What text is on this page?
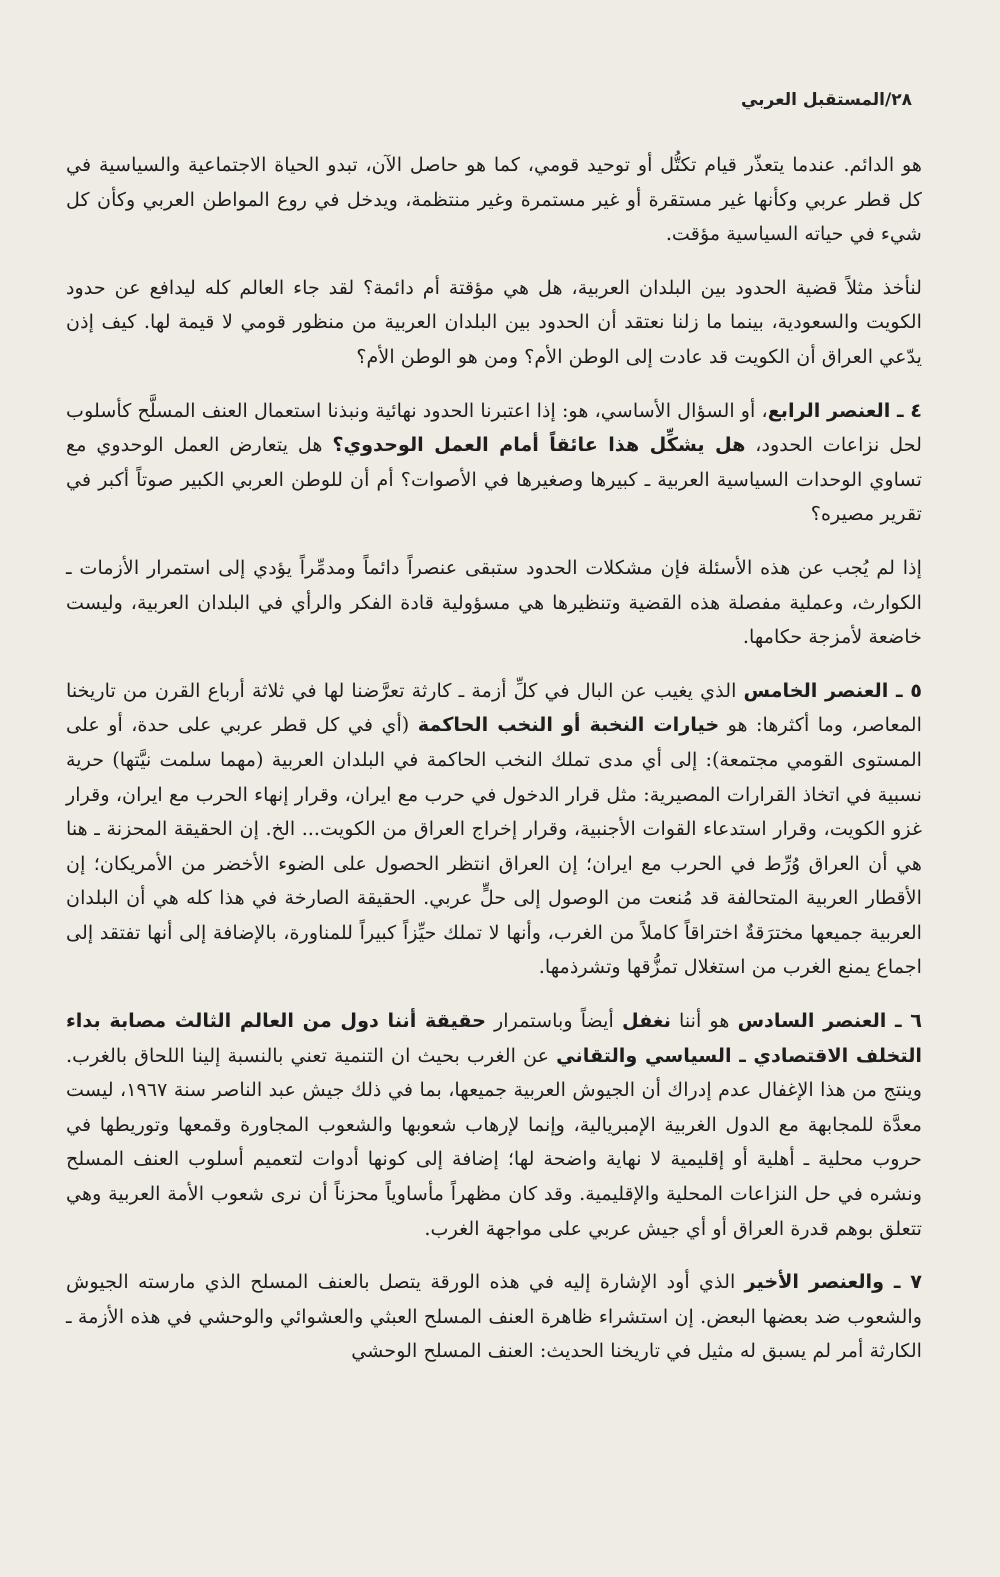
٢٨/المستقبل العربي

هو الدائم. عندما يتعذّر قيام تكتُّل أو توحيد قومي، كما هو حاصل الآن، تبدو الحياة الاجتماعية والسياسية في كل قطر عربي وكأنها غير مستقرة أو غير مستمرة وغير منتظمة، ويدخل في روع المواطن العربي وكأن كل شيء في حياته السياسية مؤقت.

لنأخذ مثلاً قضية الحدود بين البلدان العربية، هل هي مؤقتة أم دائمة؟ لقد جاء العالم كله ليدافع عن حدود الكويت والسعودية، بينما ما زلنا نعتقد أن الحدود بين البلدان العربية من منظور قومي لا قيمة لها. كيف إذن يدّعي العراق أن الكويت قد عادت إلى الوطن الأم؟ ومن هو الوطن الأم؟

٤ ـ العنصر الرابع، أو السؤال الأساسي، هو: إذا اعتبرنا الحدود نهائية ونبذنا استعمال العنف المسلَّح كأسلوب لحل نزاعات الحدود، هل يشكِّل هذا عائقاً أمام العمل الوحدوي؟ هل يتعارض العمل الوحدوي مع تساوي الوحدات السياسية العربية ـ كبيرها وصغيرها في الأصوات؟ أم أن للوطن العربي الكبير صوتاً أكبر في تقرير مصيره؟

إذا لم يُجب عن هذه الأسئلة فإن مشكلات الحدود ستبقى عنصراً دائماً ومدمِّراً يؤدي إلى استمرار الأزمات ـ الكوارث، وعملية مفصلة هذه القضية وتنظيرها هي مسؤولية قادة الفكر والرأي في البلدان العربية، وليست خاضعة لأمزجة حكامها.

٥ ـ العنصر الخامس الذي يغيب عن البال في كلِّ أزمة ـ كارثة تعرَّضنا لها في ثلاثة أرباع القرن من تاريخنا المعاصر، وما أكثرها: هو خيارات النخبة أو النخب الحاكمة (أي في كل قطر عربي على حدة، أو على المستوى القومي مجتمعة): إلى أي مدى تملك النخب الحاكمة في البلدان العربية (مهما سلمت نيَّتها) حرية نسبية في اتخاذ القرارات المصيرية: مثل قرار الدخول في حرب مع ايران، وقرار إنهاء الحرب مع ايران، وقرار غزو الكويت، وقرار استدعاء القوات الأجنبية، وقرار إخراج العراق من الكويت... الخ. إن الحقيقة المحزنة ـ هنا هي أن العراق وُرِّط في الحرب مع ايران؛ إن العراق انتظر الحصول على الضوء الأخضر من الأمريكان؛ إن الأقطار العربية المتحالفة قد مُنعت من الوصول إلى حلٍّ عربي. الحقيقة الصارخة في هذا كله هي أن البلدان العربية جميعها مخترَقةٌ اختراقاً كاملاً من الغرب، وأنها لا تملك حيِّزاً كبيراً للمناورة، بالإضافة إلى أنها تفتقد إلى اجماع يمنع الغرب من استغلال تمزُّقها وتشرذمها.

٦ ـ العنصر السادس هو أننا نغفل أيضاً وباستمرار حقيقة أننا دول من العالم الثالث مصابة بداء التخلف الاقتصادي ـ السياسي والتقاني عن الغرب بحيث ان التنمية تعني بالنسبة إلينا اللحاق بالغرب. وينتج من هذا الإغفال عدم إدراك أن الجيوش العربية جميعها، بما في ذلك جيش عبد الناصر سنة ١٩٦٧، ليست معدَّة للمجابهة مع الدول الغربية الإمبريالية، وإنما لإرهاب شعوبها والشعوب المجاورة وقمعها وتوريطها في حروب محلية ـ أهلية أو إقليمية لا نهاية واضحة لها؛ إضافة إلى كونها أدوات لتعميم أسلوب العنف المسلح ونشره في حل النزاعات المحلية والإقليمية. وقد كان مظهراً مأساوياً محزناً أن نرى شعوب الأمة العربية وهي تتعلق بوهم قدرة العراق أو أي جيش عربي على مواجهة الغرب.

٧ ـ والعنصر الأخير الذي أود الإشارة إليه في هذه الورقة يتصل بالعنف المسلح الذي مارسته الجيوش والشعوب ضد بعضها البعض. إن استشراء ظاهرة العنف المسلح العبثي والعشوائي والوحشي في هذه الأزمة ـ الكارثة أمر لم يسبق له مثيل في تاريخنا الحديث: العنف المسلح الوحشي
